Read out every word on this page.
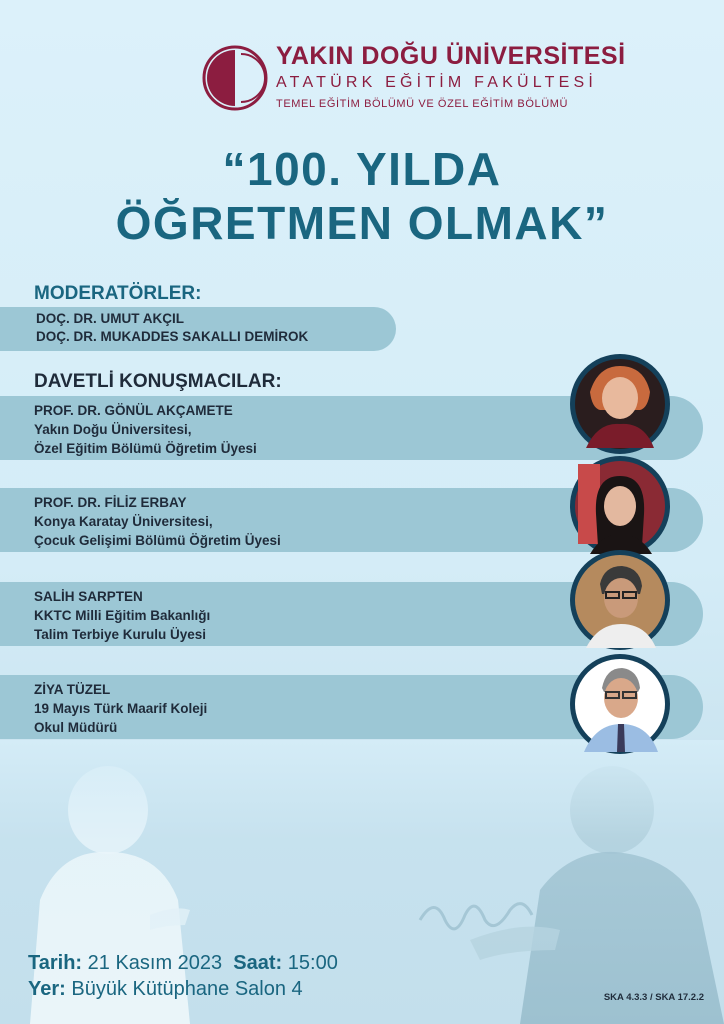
YAKIN DOĞU ÜNİVERSİTESİ
ATATÜRK EĞİTİM FAKÜLTESİ
TEMEL EĞİTİM BÖLÜMÜ VE ÖZEL EĞİTİM BÖLÜMÜ
“100. YILDA
ÖĞRETMEN OLMAK”
MODERATÖRLER:
DOÇ. DR. UMUT AKÇIL
DOÇ. DR. MUKADDES SAKALLI DEMİROK
DAVETLİ KONUŞMACILAR:
PROF. DR. GÖNÜL AKÇAMETE
Yakın Doğu Üniversitesi,
Özel Eğitim Bölümü Öğretim Üyesi
PROF. DR. FİLİZ ERBAY
Konya Karatay Üniversitesi,
Çocuk Gelişimi Bölümü Öğretim Üyesi
SALİH SARPTEN
KKTC Milli Eğitim Bakanlığı
Talim Terbiye Kurulu Üyesi
ZİYA TÜZEL
19 Mayıs Türk Maarif Koleji
Okul Müdürü
Tarih: 21 Kasım 2023 Saat: 15:00
Yer: Büyük Kütüphane Salon 4	SKA 4.3.3 / SKA 17.2.2
